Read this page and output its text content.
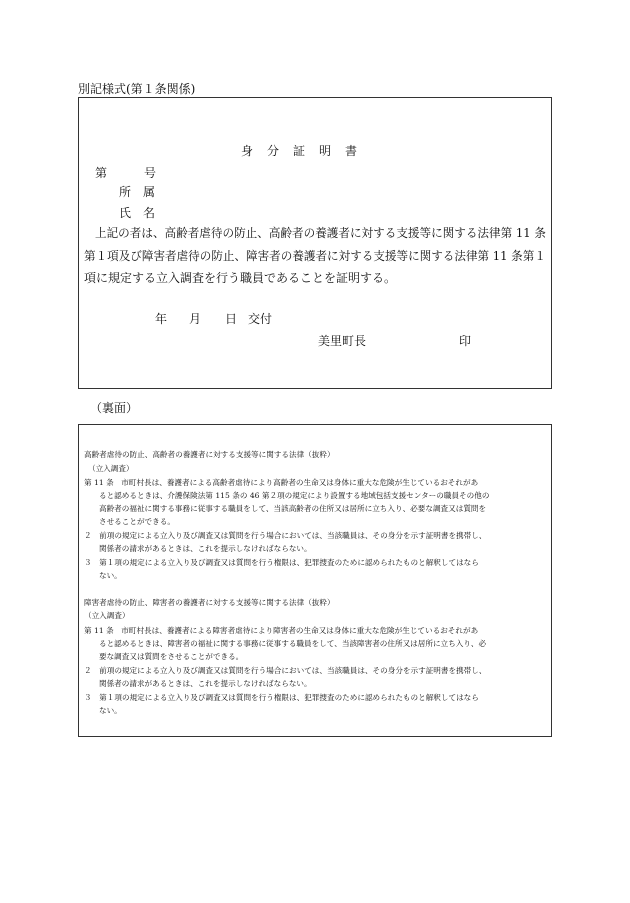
別記様式(第１条関係)
身分証明書
第	号
所　属
氏　名
上記の者は、高齢者虐待の防止、高齢者の養護者に対する支援等に関する法律第 11 条
第１項及び障害者虐待の防止、障害者の養護者に対する支援等に関する法律第 11 条第１
項に規定する立入調査を行う職員であることを証明する。
年 月 日 交付
美里町長	印
（裏面）
高齢者虐待の防止、高齢者の養護者に対する支援等に関する法律（抜粋）
（立入調査）
第 11 条　市町村長は、養護者による高齢者虐待により高齢者の生命又は身体に重大な危険が生じているおそれがあ
ると認めるときは、介護保険法第 115 条の 46 第２項の規定により設置する地域包括支援センターの職員その他の
高齢者の福祉に関する事務に従事する職員をして、当該高齢者の住所又は居所に立ち入り、必要な調査又は質問を
させることができる。
２　前項の規定による立入り及び調査又は質問を行う場合においては、当該職員は、その身分を示す証明書を携帯し、
関係者の請求があるときは、これを提示しなければならない。
３　第１項の規定による立入り及び調査又は質問を行う権限は、犯罪捜査のために認められたものと解釈してはなら
ない。
障害者虐待の防止、障害者の養護者に対する支援等に関する法律（抜粋）
（立入調査）
第 11 条　市町村長は、養護者による障害者虐待により障害者の生命又は身体に重大な危険が生じているおそれがあ
ると認めるときは、障害者の福祉に関する事務に従事する職員をして、当該障害者の住所又は居所に立ち入り、必
要な調査又は質問をさせることができる。
２　前項の規定による立入り及び調査又は質問を行う場合においては、当該職員は、その身分を示す証明書を携帯し、
関係者の請求があるときは、これを提示しなければならない。
３　第１項の規定による立入り及び調査又は質問を行う権限は、犯罪捜査のために認められたものと解釈してはなら
ない。
